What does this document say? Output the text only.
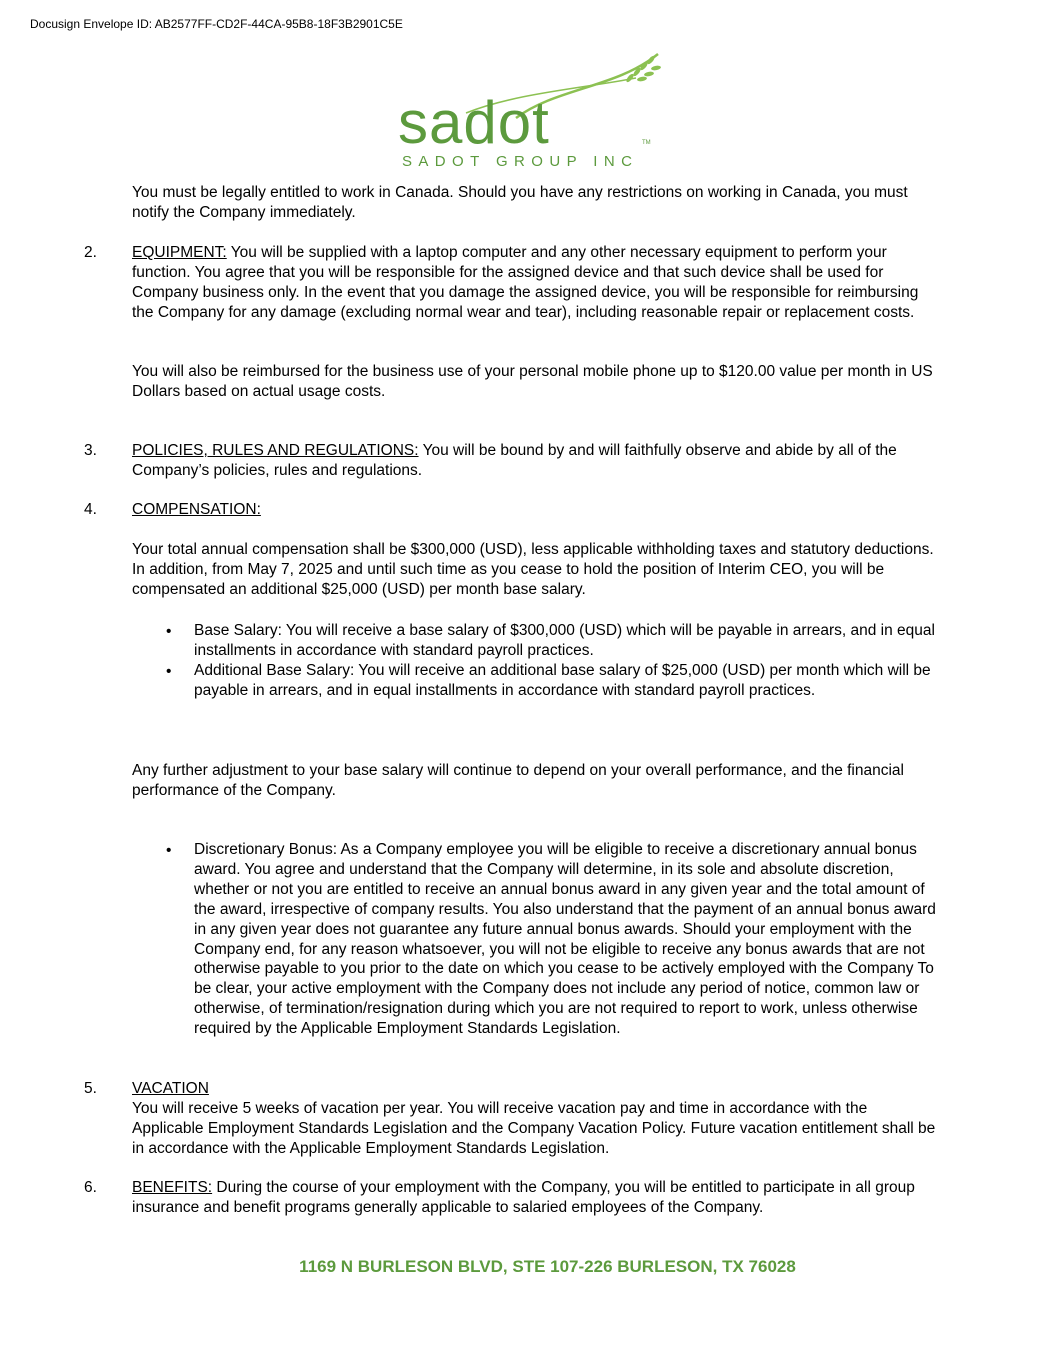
Docusign Envelope ID: AB2577FF-CD2F-44CA-95B8-18F3B2901C5E
sadot	TM
SADOT GROUP INC

You must be legally entitled to work in Canada. Should you have any restrictions on working in Canada, you must notify the Company immediately.

2. EQUIPMENT: You will be supplied with a laptop computer and any other necessary equipment to perform your function. You agree that you will be responsible for the assigned device and that such device shall be used for Company business only. In the event that you damage the assigned device, you will be responsible for reimbursing the Company for any damage (excluding normal wear and tear), including reasonable repair or replacement costs.

You will also be reimbursed for the business use of your personal mobile phone up to $120.00 value per month in US Dollars based on actual usage costs.

3. POLICIES, RULES AND REGULATIONS: You will be bound by and will faithfully observe and abide by all of the Company’s policies, rules and regulations.

4. COMPENSATION:

Your total annual compensation shall be $300,000 (USD), less applicable withholding taxes and statutory deductions. In addition, from May 7, 2025 and until such time as you cease to hold the position of Interim CEO, you will be compensated an additional $25,000 (USD) per month base salary.

• Base Salary: You will receive a base salary of $300,000 (USD) which will be payable in arrears, and in equal installments in accordance with standard payroll practices.

• Additional Base Salary: You will receive an additional base salary of $25,000 (USD) per month which will be payable in arrears, and in equal installments in accordance with standard payroll practices.

Any further adjustment to your base salary will continue to depend on your overall performance, and the financial performance of the Company.

• Discretionary Bonus: As a Company employee you will be eligible to receive a discretionary annual bonus award. You agree and understand that the Company will determine, in its sole and absolute discretion, whether or not you are entitled to receive an annual bonus award in any given year and the total amount of the award, irrespective of company results. You also understand that the payment of an annual bonus award in any given year does not guarantee any future annual bonus awards. Should your employment with the Company end, for any reason whatsoever, you will not be eligible to receive any bonus awards that are not otherwise payable to you prior to the date on which you cease to be actively employed with the Company To be clear, your active employment with the Company does not include any period of notice, common law or otherwise, of termination/resignation during which you are not required to report to work, unless otherwise required by the Applicable Employment Standards Legislation.

5. VACATION

You will receive 5 weeks of vacation per year. You will receive vacation pay and time in accordance with the Applicable Employment Standards Legislation and the Company Vacation Policy. Future vacation entitlement shall be in accordance with the Applicable Employment Standards Legislation.

6. BENEFITS: During the course of your employment with the Company, you will be entitled to participate in all group insurance and benefit programs generally applicable to salaried employees of the Company.

1169 N BURLESON BLVD, STE 107-226 BURLESON, TX 76028
